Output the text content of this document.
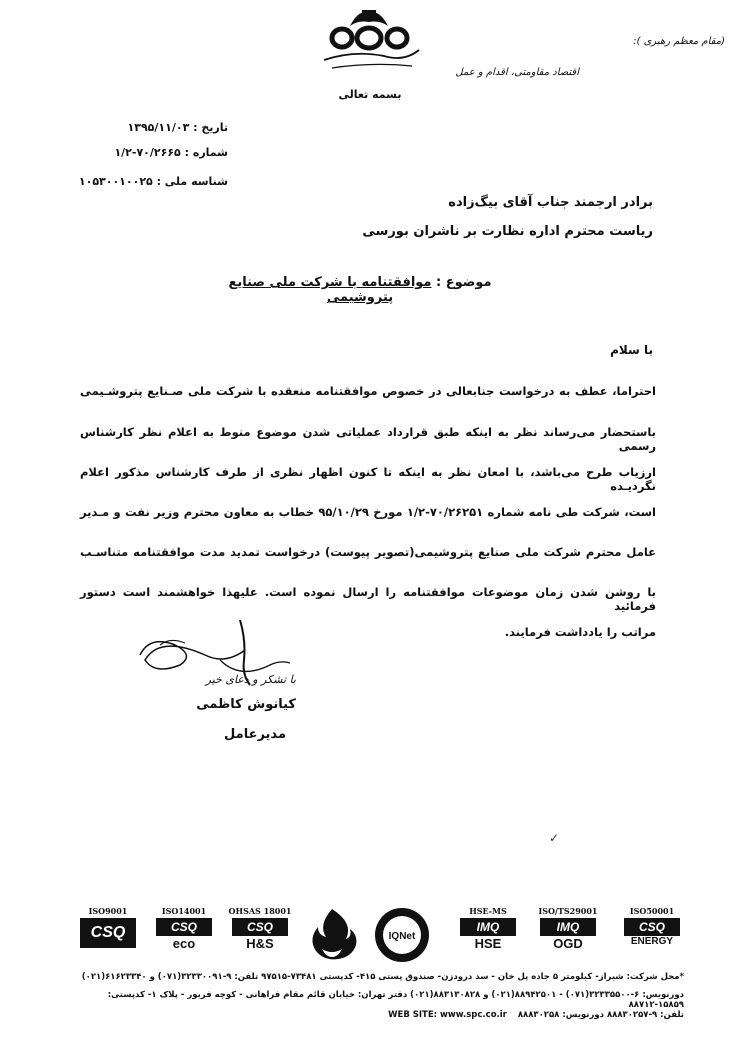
بسمه تعالی
(مقام معظم رهبری ):
اقتصاد مقاومتی، اقدام و عمل
تاریخ : ۱۳۹۵/۱۱/۰۳
شماره : ۷۰/۲۶۶۵-۱/۲
شناسه ملی : ۱۰۵۳۰۰۱۰۰۲۵
برادر ارجمند جناب آقای بیگ‌زاده
ریاست محترم اداره نظارت بر ناشران بورسی
موضوع : موافقتنامه با شرکت ملی صنایع پتروشیمی
با سلام
احتراما، عطف به درخواست جنابعالی در خصوص موافقتنامه منعقده با شرکت ملی صـنایع پتروشـیمی
باستحضار می‌رساند نظر به اینکه طبق قرارداد عملیاتی شدن موضوع منوط به اعلام نظر کارشناس رسمی
ارزیاب طرح می‌باشد، با امعان نظر به اینکه تا کنون اظهار نظری از طرف کارشناس مذکور اعلام نگردیـده
است، شرکت طی نامه شماره ۷۰/۲۶۲۵۱-۱/۲ مورخ ۹۵/۱۰/۲۹ خطاب به معاون محترم وزیر نفت و مـدیر
عامل محترم شرکت ملی صنایع پتروشیمی(تصویر پیوست) درخواست تمدید مدت موافقتنامه متناسـب
با روشن شدن زمان موضوعات موافقتنامه را ارسال نموده است. علیهذا خواهشمند است دستور فرمائید
مراتب را یادداشت فرمایند.
با تشکر و دعای خیر
کیانوش کاظمی
مدیرعامل
✓
ISO9001
CSQ
ISO14001
CSQ
eco
OHSAS 18001
CSQ
H&S	IQNet
HSE-MS
IMQ
HSE
ISO/TS29001
IMQ
OGD
ISO50001
CSQ
ENERGY
*محل شرکت: شیراز- کیلومتر ۵ جاده پل خان - سد درودزن- صندوق پستی ۴۱۵- کدپستی ۷۳۴۸۱-۹۷۵۱۵ تلفن: ۹-۳۲۳۳۰۰۹۱(۰۷۱) و ۶۱۶۲۳۳۴۰(۰۲۱)
دورنویس: ۶-۳۲۳۳۵۵۰۰(۰۷۱) - ۸۸۹۴۲۵۰۱(۰۲۱) و ۸۸۳۱۳۰۸۲۸(۰۲۱) دفتر تهران: خیابان قائم مقام فراهانی - کوچه فریور - پلاک ۱- کدپستی: ۱۵۸۵۹-۸۸۷۱۲
تلفن: ۹-۸۸۸۳۰۲۵۷ دورنویس: ۸۸۸۳۰۲۵۸ WEB SITE: www.spc.co.ir
